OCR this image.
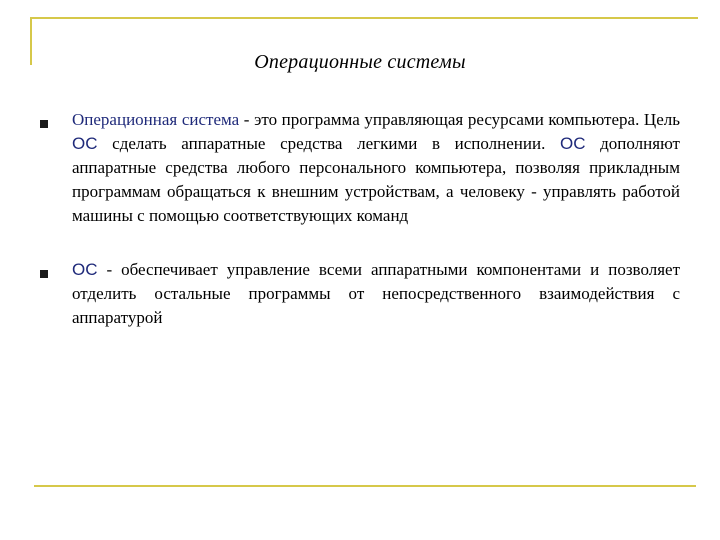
Операционные системы
Операционная система - это программа управляющая ресурсами компьютера. Цель ОС сделать аппаратные средства легкими в исполнении. ОС дополняют аппаратные средства любого персонального компьютера, позволяя прикладным программам обращаться к внешним устройствам, а человеку - управлять работой машины с помощью соответствующих команд
ОС - обеспечивает управление всеми аппаратными компонентами и позволяет отделить остальные программы от непосредственного взаимодействия с аппаратурой
